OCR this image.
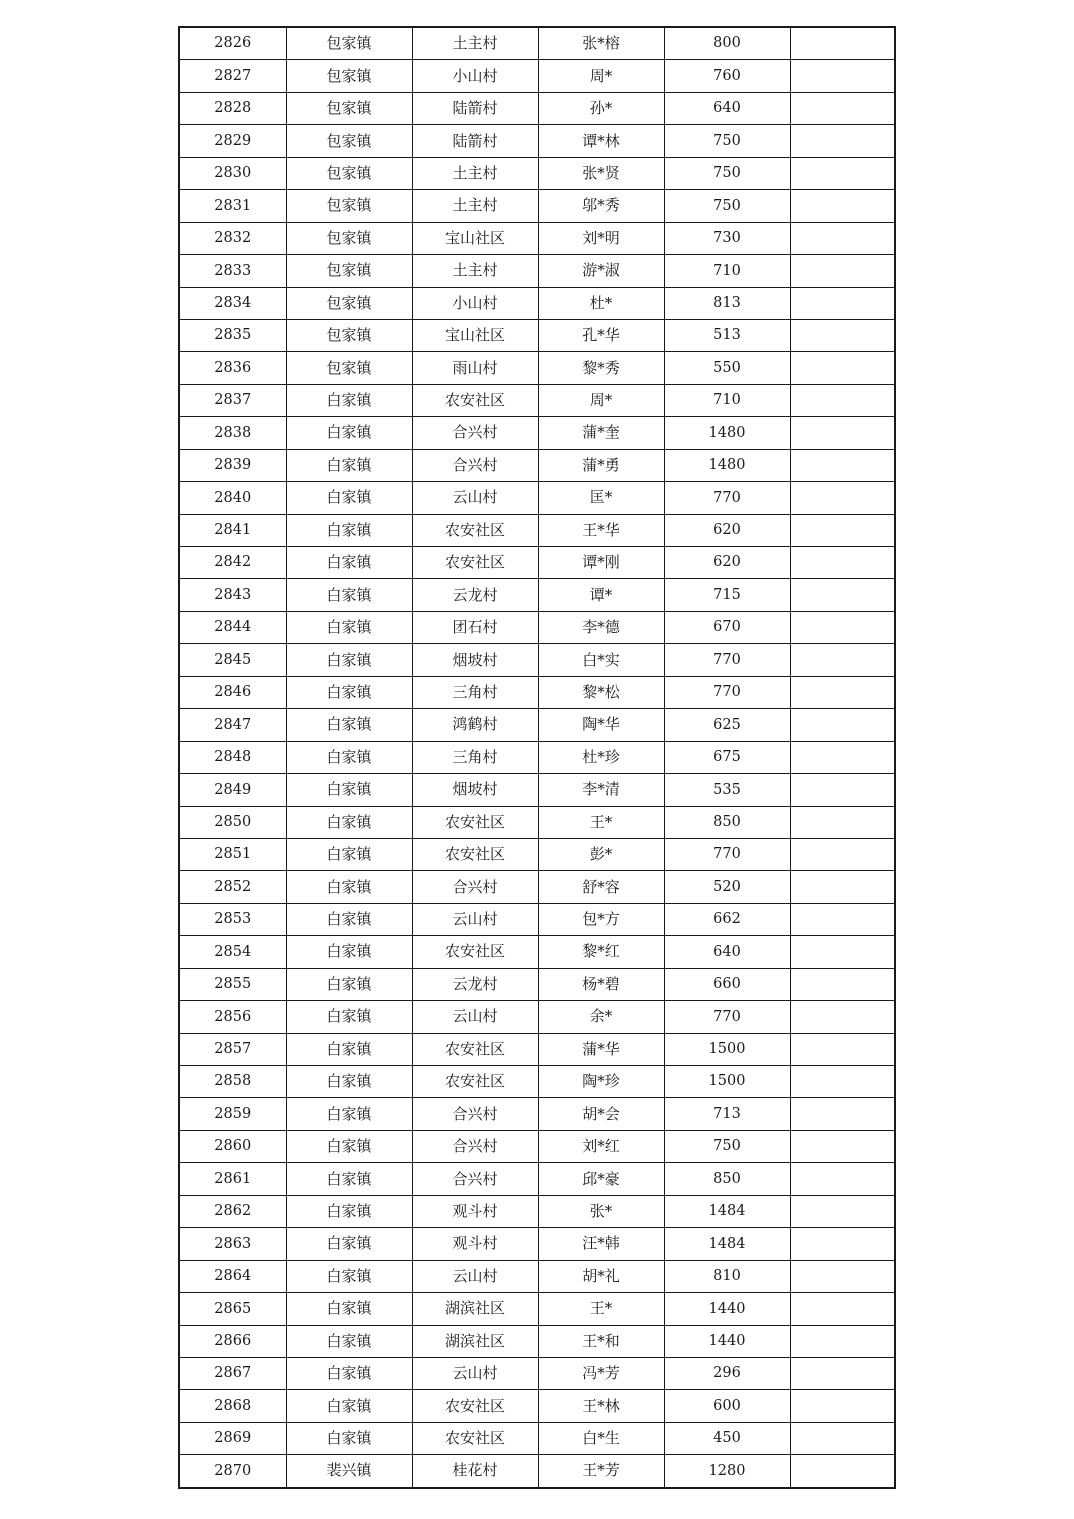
2826	包家镇	土主村	张*榕	800	
2827	包家镇	小山村	周*	760	
2828	包家镇	陆箭村	孙*	640	
2829	包家镇	陆箭村	谭*林	750	
2830	包家镇	土主村	张*贤	750	
2831	包家镇	土主村	邬*秀	750	
2832	包家镇	宝山社区	刘*明	730	
2833	包家镇	土主村	游*淑	710	
2834	包家镇	小山村	杜*	813	
2835	包家镇	宝山社区	孔*华	513	
2836	包家镇	雨山村	黎*秀	550	
2837	白家镇	农安社区	周*	710	
2838	白家镇	合兴村	蒲*奎	1480	
2839	白家镇	合兴村	蒲*勇	1480	
2840	白家镇	云山村	匡*	770	
2841	白家镇	农安社区	王*华	620	
2842	白家镇	农安社区	谭*刚	620	
2843	白家镇	云龙村	谭*	715	
2844	白家镇	团石村	李*德	670	
2845	白家镇	烟坡村	白*实	770	
2846	白家镇	三角村	黎*松	770	
2847	白家镇	鸿鹤村	陶*华	625	
2848	白家镇	三角村	杜*珍	675	
2849	白家镇	烟坡村	李*清	535	
2850	白家镇	农安社区	王*	850	
2851	白家镇	农安社区	彭*	770	
2852	白家镇	合兴村	舒*容	520	
2853	白家镇	云山村	包*方	662	
2854	白家镇	农安社区	黎*红	640	
2855	白家镇	云龙村	杨*碧	660	
2856	白家镇	云山村	余*	770	
2857	白家镇	农安社区	蒲*华	1500	
2858	白家镇	农安社区	陶*珍	1500	
2859	白家镇	合兴村	胡*会	713	
2860	白家镇	合兴村	刘*红	750	
2861	白家镇	合兴村	邱*豪	850	
2862	白家镇	观斗村	张*	1484	
2863	白家镇	观斗村	汪*韩	1484	
2864	白家镇	云山村	胡*礼	810	
2865	白家镇	湖滨社区	王*	1440	
2866	白家镇	湖滨社区	王*和	1440	
2867	白家镇	云山村	冯*芳	296	
2868	白家镇	农安社区	王*林	600	
2869	白家镇	农安社区	白*生	450	
2870	裴兴镇	桂花村	王*芳	1280	
